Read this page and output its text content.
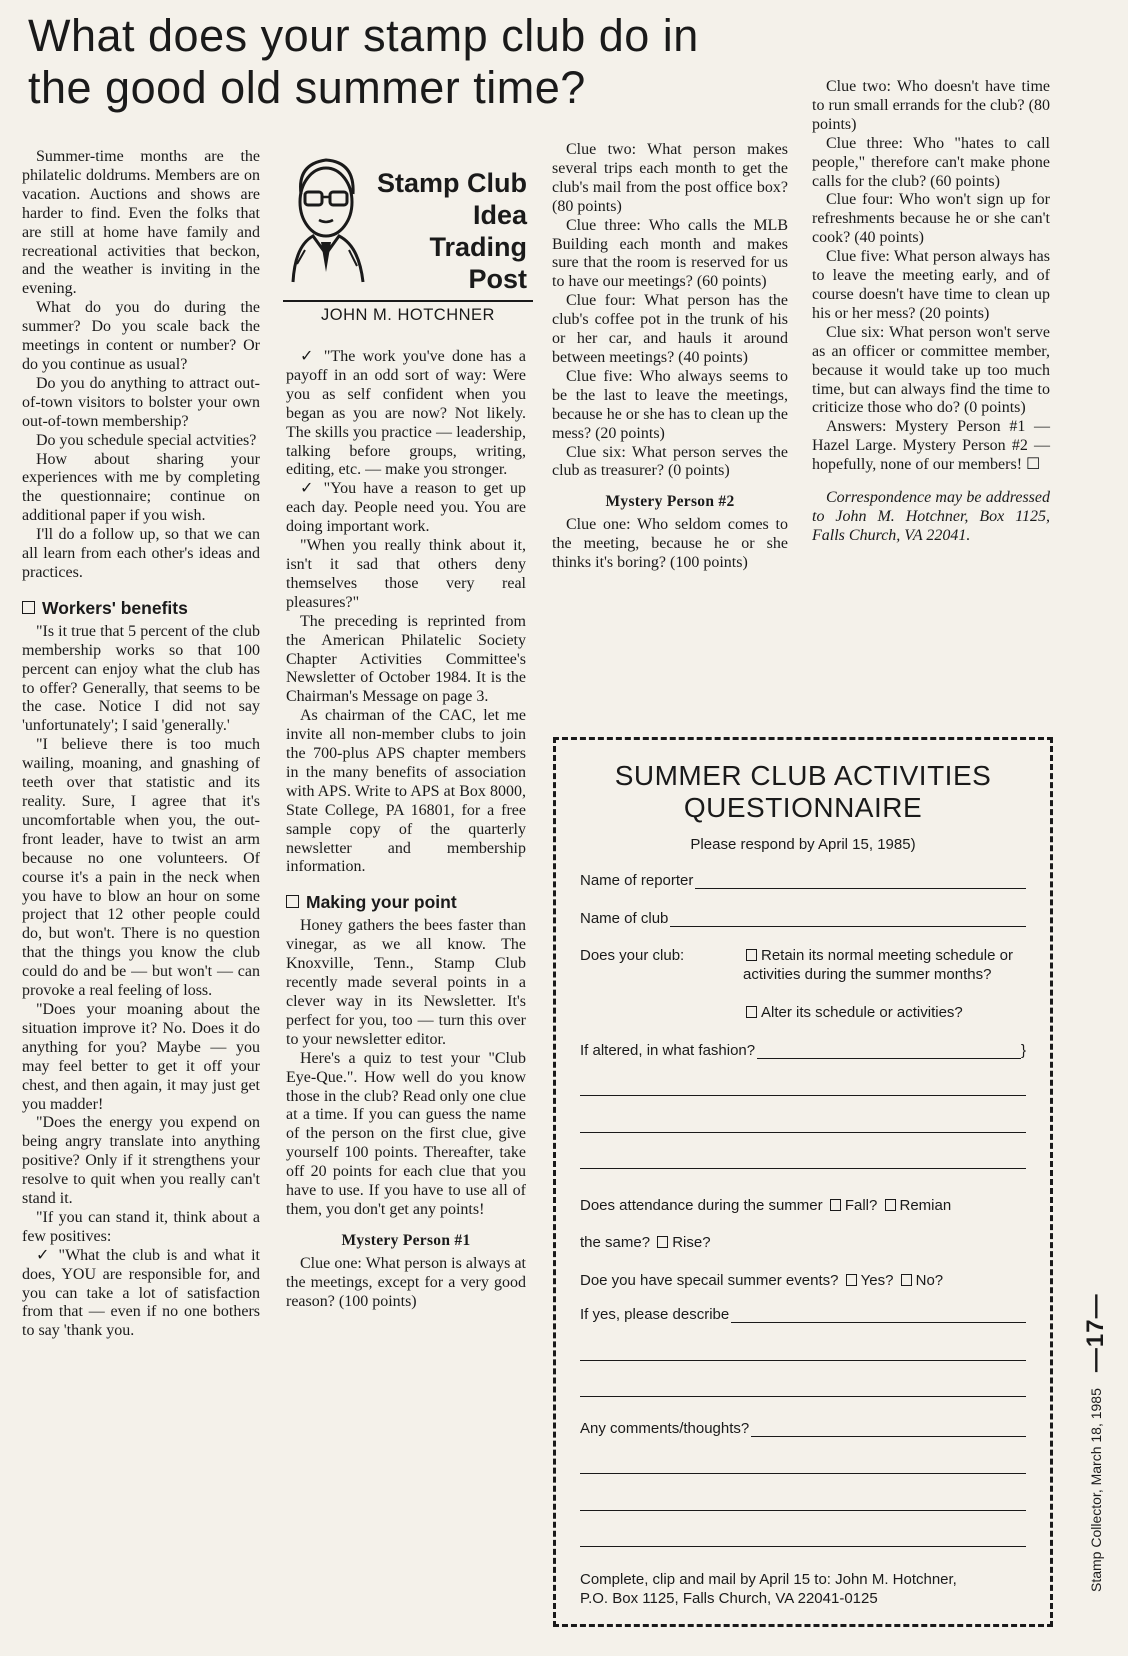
What does your stamp club do in the good old summer time?

Summer-time months are the philatelic doldrums. Members are on vacation. Auctions and shows are harder to find. Even the folks that are still at home have family and recreational activities that beckon, and the weather is inviting in the evening.

What do you do during the summer? Do you scale back the meetings in content or number? Or do you continue as usual?

Do you do anything to attract out-of-town visitors to bolster your own out-of-town membership?

Do you schedule special actvities?

How about sharing your experiences with me by completing the questionnaire; continue on additional paper if you wish.

I'll do a follow up, so that we can all learn from each other's ideas and practices.

Workers' benefits

"Is it true that 5 percent of the club membership works so that 100 percent can enjoy what the club has to offer? Generally, that seems to be the case. Notice I did not say 'unfortunately'; I said 'generally.'

"I believe there is too much wailing, moaning, and gnashing of teeth over that statistic and its reality. Sure, I agree that it's uncomfortable when you, the out-front leader, have to twist an arm because no one volunteers. Of course it's a pain in the neck when you have to blow an hour on some project that 12 other people could do, but won't. There is no question that the things you know the club could do and be — but won't — can provoke a real feeling of loss.

"Does your moaning about the situation improve it? No. Does it do anything for you? Maybe — you may feel better to get it off your chest, and then again, it may just get you madder!

"Does the energy you expend on being angry translate into anything positive? Only if it strengthens your resolve to quit when you really can't stand it.

"If you can stand it, think about a few positives:

✓ "What the club is and what it does, YOU are responsible for, and you can take a lot of satisfaction from that — even if no one bothers to say 'thank you.

Stamp Club
Idea
Trading
Post
JOHN M. HOTCHNER

✓ "The work you've done has a payoff in an odd sort of way: Were you as self confident when you began as you are now? Not likely. The skills you practice — leadership, talking before groups, writing, editing, etc. — make you stronger.

✓ "You have a reason to get up each day. People need you. You are doing important work.

"When you really think about it, isn't it sad that others deny themselves those very real pleasures?"

The preceding is reprinted from the American Philatelic Society Chapter Activities Committee's Newsletter of October 1984. It is the Chairman's Message on page 3.

As chairman of the CAC, let me invite all non-member clubs to join the 700-plus APS chapter members in the many benefits of association with APS. Write to APS at Box 8000, State College, PA 16801, for a free sample copy of the quarterly newsletter and membership information.

Making your point

Honey gathers the bees faster than vinegar, as we all know. The Knoxville, Tenn., Stamp Club recently made several points in a clever way in its Newsletter. It's perfect for you, too — turn this over to your newsletter editor.

Here's a quiz to test your "Club Eye-Que.". How well do you know those in the club? Read only one clue at a time. If you can guess the name of the person on the first clue, give yourself 100 points. Thereafter, take off 20 points for each clue that you have to use. If you have to use all of them, you don't get any points!

Mystery Person #1

Clue one: What person is always at the meetings, except for a very good reason? (100 points)

Clue two: What person makes several trips each month to get the club's mail from the post office box? (80 points)

Clue three: Who calls the MLB Building each month and makes sure that the room is reserved for us to have our meetings? (60 points)

Clue four: What person has the club's coffee pot in the trunk of his or her car, and hauls it around between meetings? (40 points)

Clue five: Who always seems to be the last to leave the meetings, because he or she has to clean up the mess? (20 points)

Clue six: What person serves the club as treasurer? (0 points)

Mystery Person #2

Clue one: Who seldom comes to the meeting, because he or she thinks it's boring? (100 points)

Clue two: Who doesn't have time to run small errands for the club? (80 points)

Clue three: Who "hates to call people," therefore can't make phone calls for the club? (60 points)

Clue four: Who won't sign up for refreshments because he or she can't cook? (40 points)

Clue five: What person always has to leave the meeting early, and of course doesn't have time to clean up his or her mess? (20 points)

Clue six: What person won't serve as an officer or committee member, because it would take up too much time, but can always find the time to criticize those who do? (0 points)

Answers: Mystery Person #1 — Hazel Large. Mystery Person #2 — hopefully, none of our members! ☐

Correspondence may be addressed to John M. Hotchner, Box 1125, Falls Church, VA 22041.

SUMMER CLUB ACTIVITIES
QUESTIONNAIRE
Please respond by April 15, 1985)
Name of reporter
Name of club
Does your club:	Retain its normal meeting schedule or activities during the summer months?
Alter its schedule or activities?
If altered, in what fashion?	}
Does attendance during the summer Fall? Remian
the same? Rise?
Doe you have specail summer events? Yes? No?
If yes, please describe
Any comments/thoughts?
Complete, clip and mail by April 15 to: John M. Hotchner,
P.O. Box 1125, Falls Church, VA 22041-0125
Stamp Collector, March 18, 1985
—17—
